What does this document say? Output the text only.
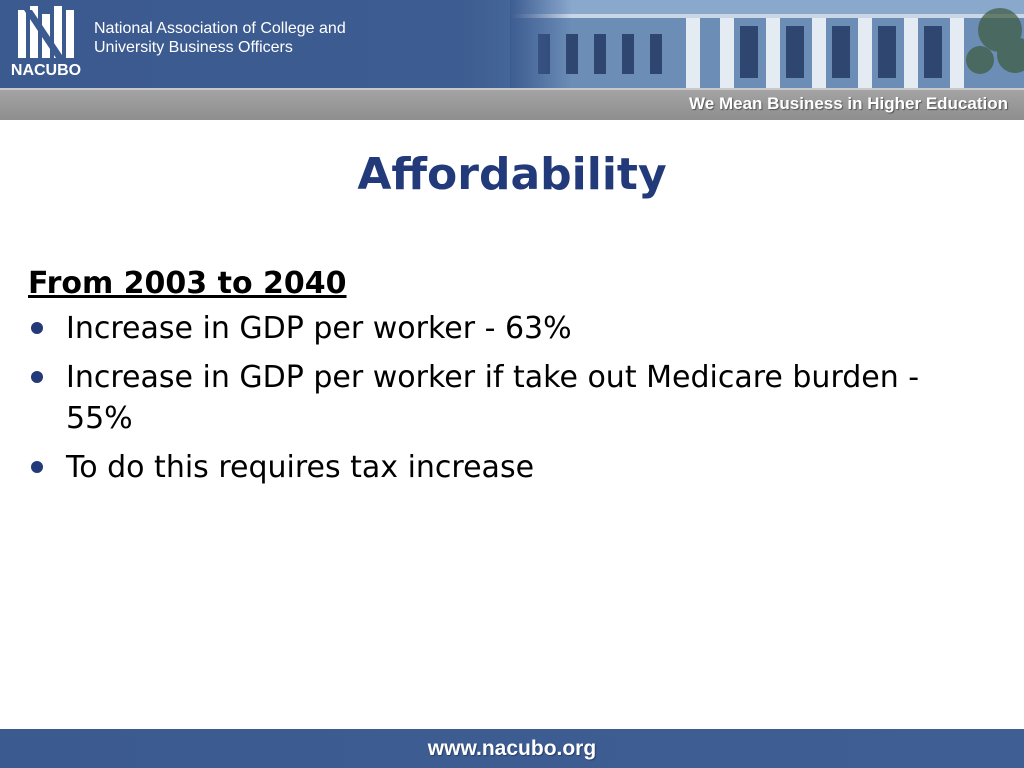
NACUBO
National Association of College and
University Business Officers
We Mean Business in Higher Education
Affordability
From 2003 to 2040
Increase in GDP per worker - 63%
Increase in GDP per worker if take out Medicare burden - 55%
To do this requires tax increase
www.nacubo.org
